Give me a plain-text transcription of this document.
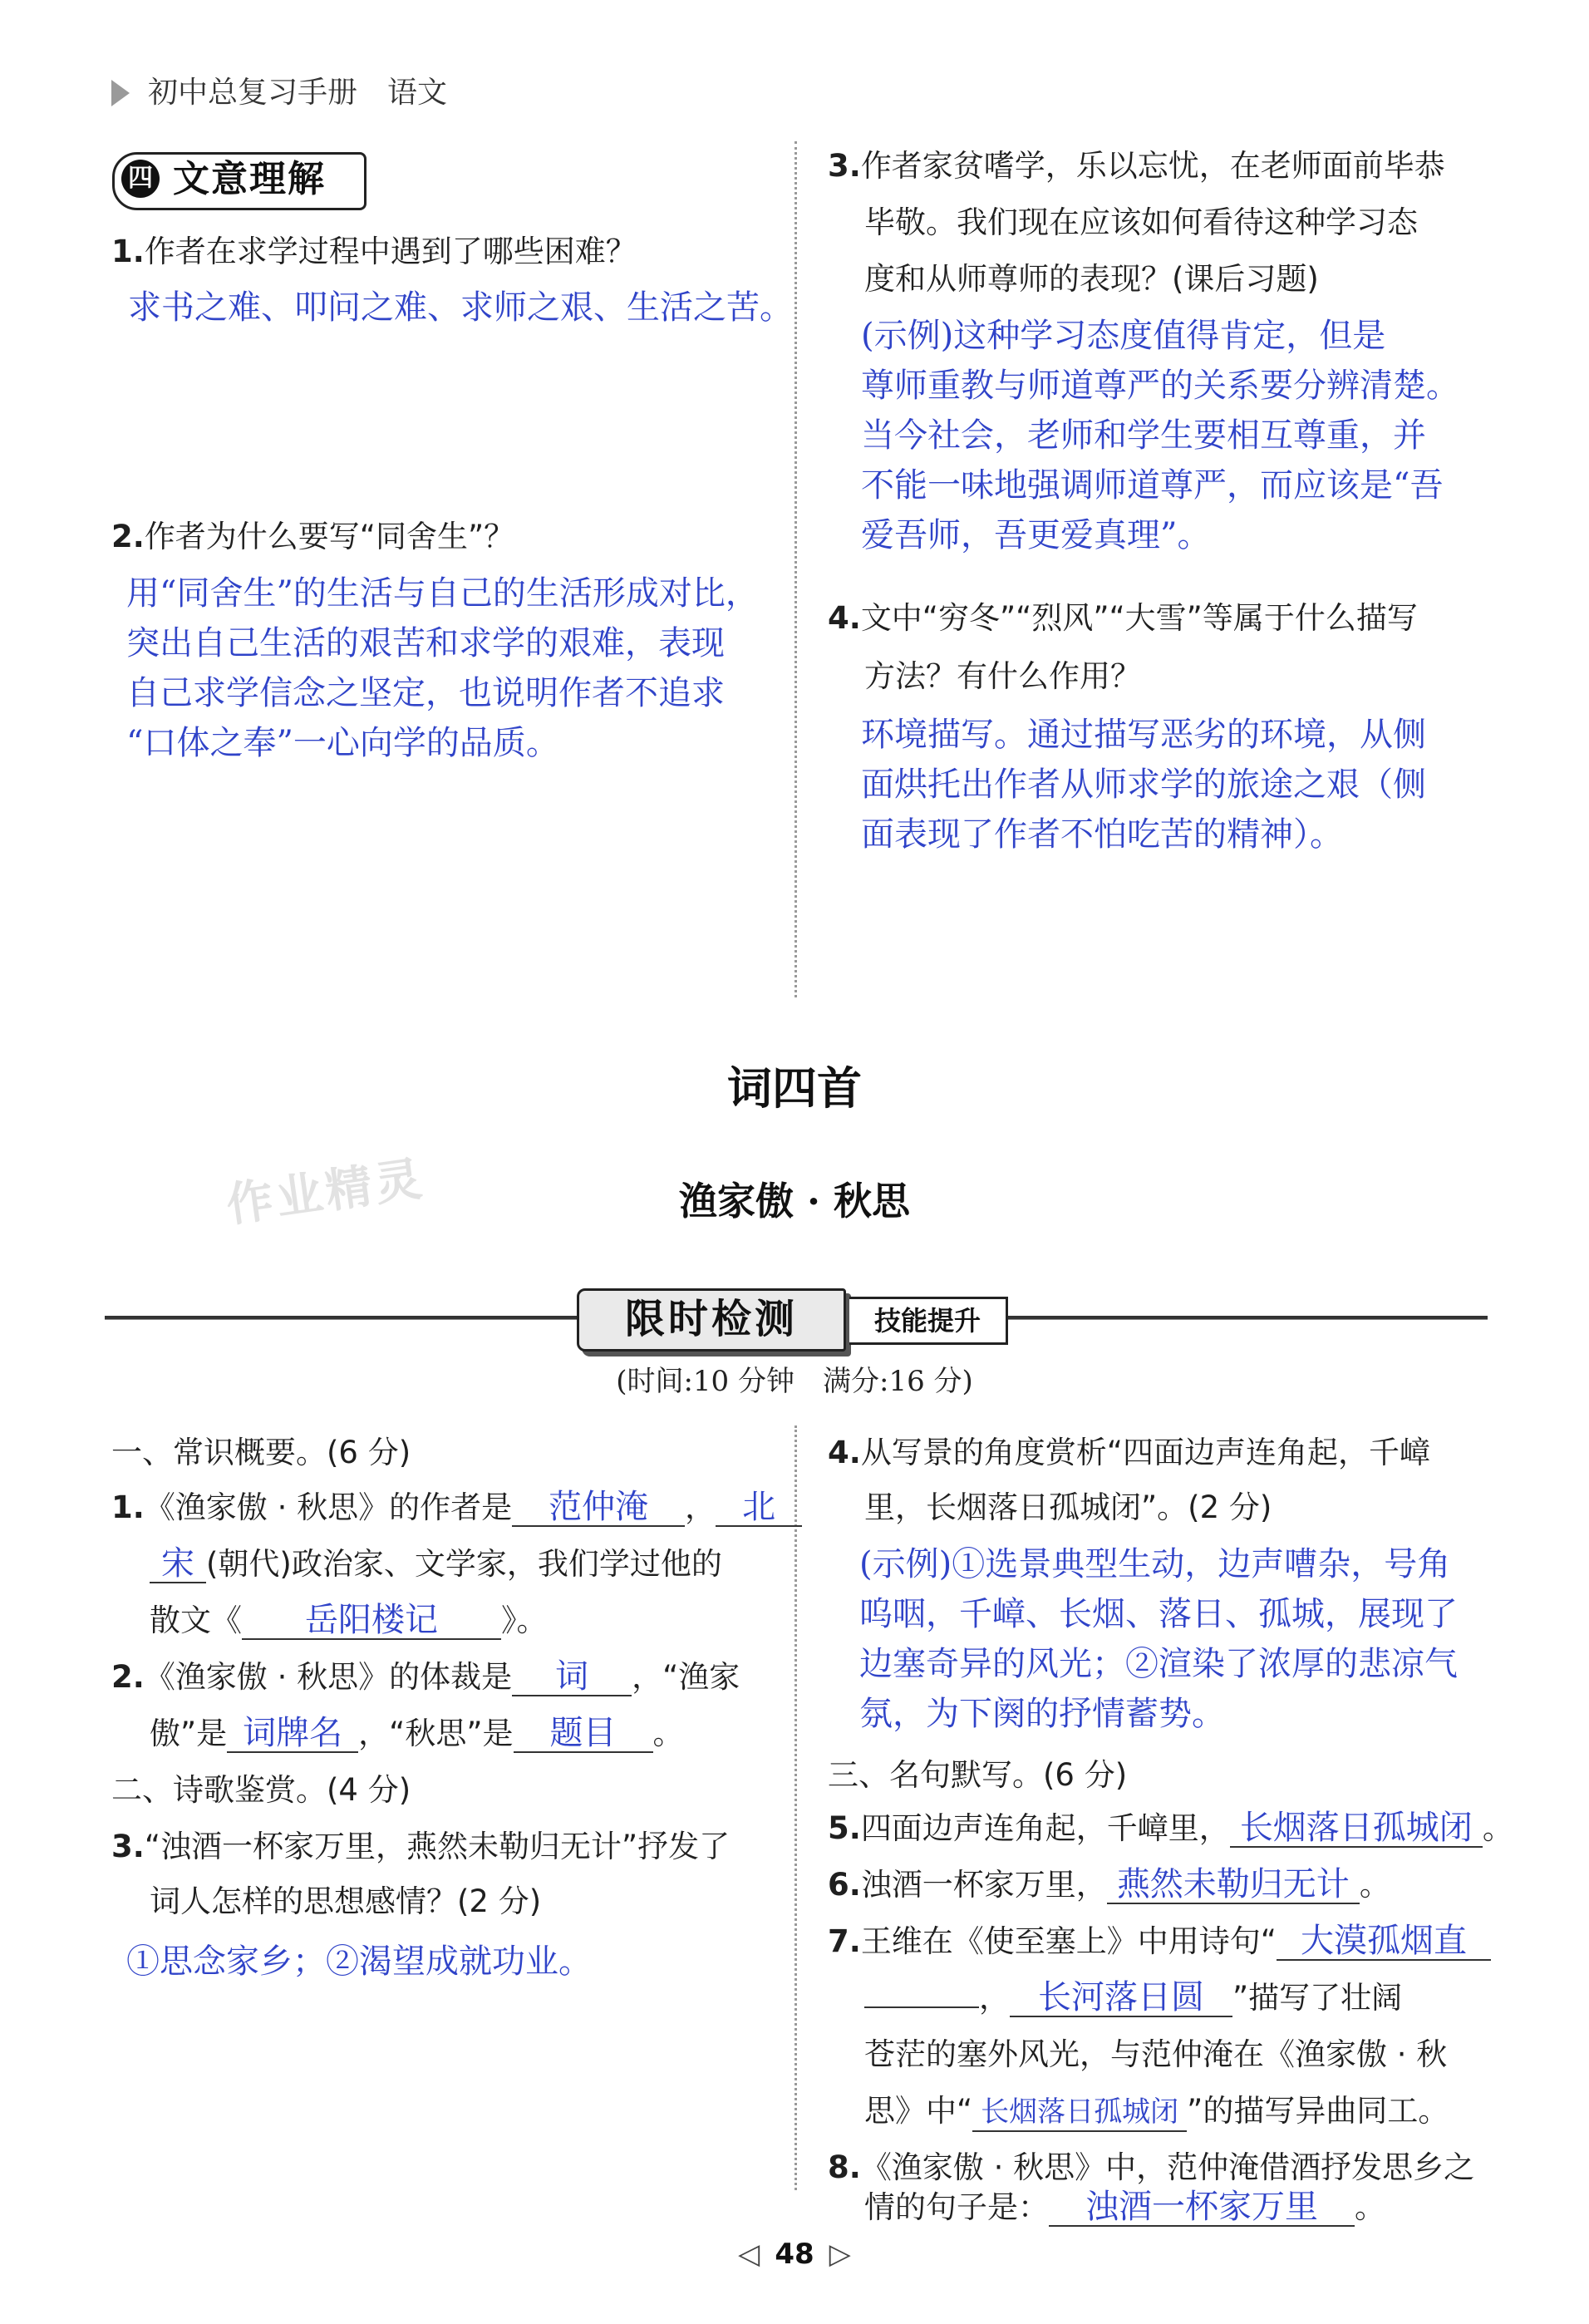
初中总复习手册 语文
四 文意理解
1.作者在求学过程中遇到了哪些困难？
求书之难、叩问之难、求师之艰、生活之苦。
2.作者为什么要写“同舍生”？
用“同舍生”的生活与自己的生活形成对比，
突出自己生活的艰苦和求学的艰难，表现
自己求学信念之坚定，也说明作者不追求
“口体之奉”一心向学的品质。
3.作者家贫嗜学，乐以忘忧，在老师面前毕恭
毕敬。我们现在应该如何看待这种学习态
度和从师尊师的表现？(课后习题)
(示例)这种学习态度值得肯定，但是
尊师重教与师道尊严的关系要分辨清楚。
当今社会，老师和学生要相互尊重，并
不能一味地强调师道尊严，而应该是“吾
爱吾师，吾更爱真理”。
4.文中“穷冬”“烈风”“大雪”等属于什么描写
方法？有什么作用？
环境描写。通过描写恶劣的环境，从侧
面烘托出作者从师求学的旅途之艰（侧
面表现了作者不怕吃苦的精神）。
词四首
作业精灵	渔家傲 · 秋思
限时检测	技能提升
(时间:10 分钟　满分:16 分)
一、常识概要。(6 分)
1.《渔家傲 · 秋思》的作者是 范仲淹 ， 北
宋 (朝代)政治家、文学家，我们学过他的
散文《 岳阳楼记 》。
2.《渔家傲 · 秋思》的体裁是 词 ，“渔家
傲”是 词牌名 ，“秋思”是 题目 。
二、诗歌鉴赏。(4 分)
3.“浊酒一杯家万里，燕然未勒归无计”抒发了
词人怎样的思想感情？(2 分)
①思念家乡；②渴望成就功业。
4.从写景的角度赏析“四面边声连角起，千嶂
里，长烟落日孤城闭”。(2 分)
(示例)①选景典型生动，边声嘈杂，号角
呜咽，千嶂、长烟、落日、孤城，展现了
边塞奇异的风光；②渲染了浓厚的悲凉气
氛，为下阕的抒情蓄势。
三、名句默写。(6 分)
5.四面边声连角起，千嶂里， 长烟落日孤城闭 。
6.浊酒一杯家万里， 燕然未勒归无计 。
7.王维在《使至塞上》中用诗句“ 大漠孤烟直
， 长河落日圆 ”描写了壮阔
苍茫的塞外风光，与范仲淹在《渔家傲 · 秋
思》中“ 长烟落日孤城闭 ”的描写异曲同工。
8.《渔家傲 · 秋思》中，范仲淹借酒抒发思乡之
情的句子是： 浊酒一杯家万里 。
◁ 48 ▷
